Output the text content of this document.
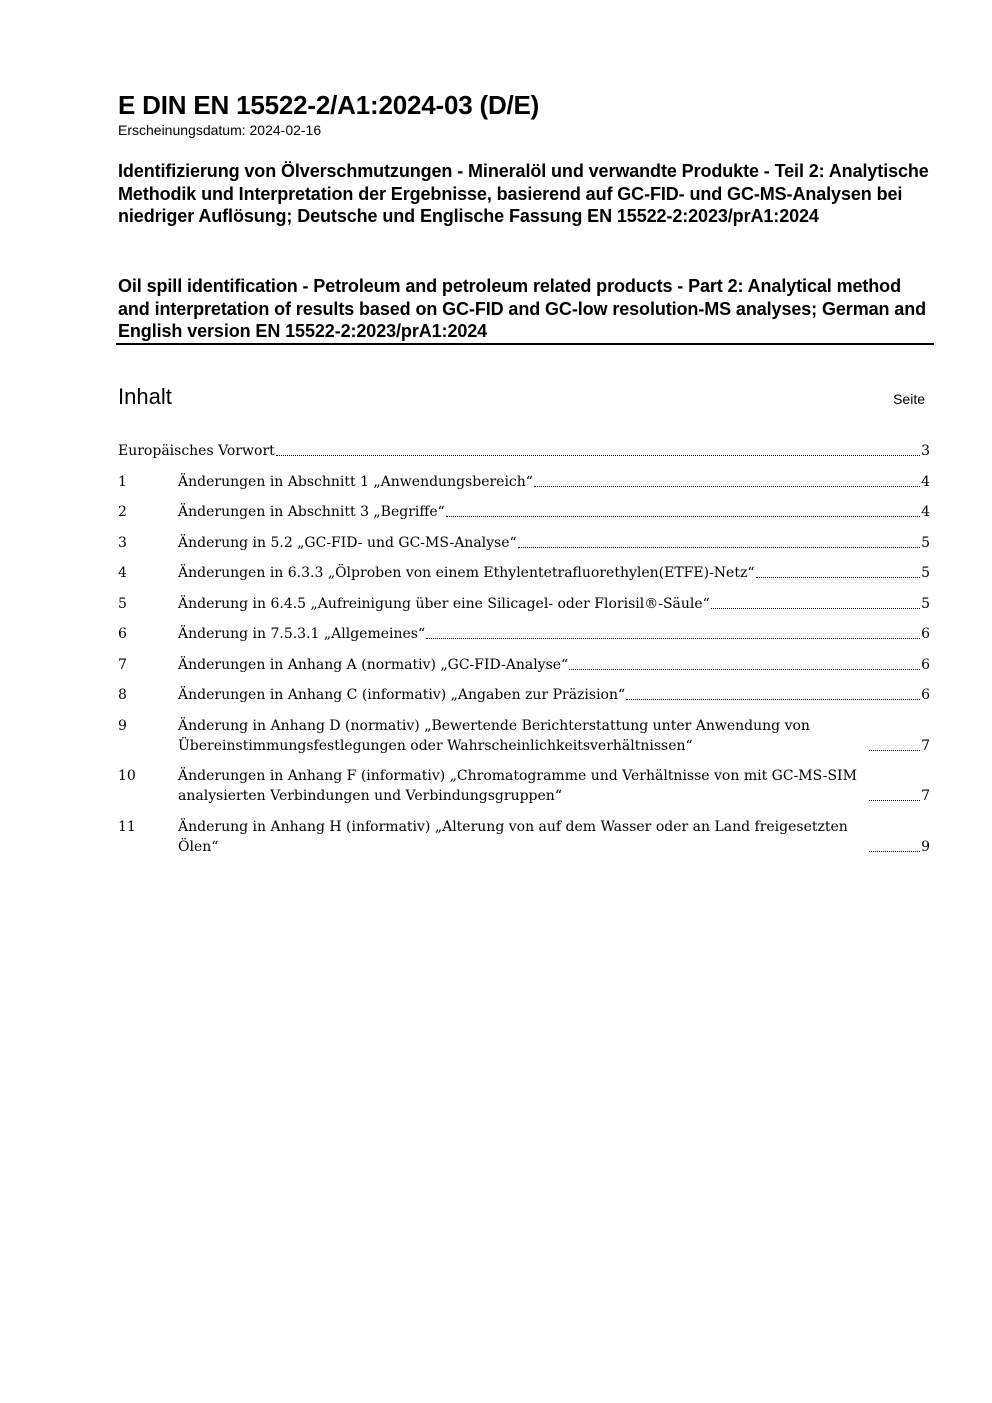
E DIN EN 15522-2/A1:2024-03 (D/E)
Erscheinungsdatum: 2024-02-16
Identifizierung von Ölverschmutzungen - Mineralöl und verwandte Produkte - Teil 2: Analytische Methodik und Interpretation der Ergebnisse, basierend auf GC-FID- und GC-MS-Analysen bei niedriger Auflösung; Deutsche und Englische Fassung EN 15522-2:2023/prA1:2024
Oil spill identification - Petroleum and petroleum related products - Part 2: Analytical method and interpretation of results based on GC-FID and GC-low resolution-MS analyses; German and English version EN 15522-2:2023/prA1:2024
Inhalt	Seite
Europäisches Vorwort	3
1	Änderungen in Abschnitt 1 „Anwendungsbereich“	4
2	Änderungen in Abschnitt 3 „Begriffe“	4
3	Änderung in 5.2 „GC-FID- und GC-MS-Analyse“	5
4	Änderungen in 6.3.3 „Ölproben von einem Ethylentetrafluorethylen(ETFE)-Netz“	5
5	Änderung in 6.4.5 „Aufreinigung über eine Silicagel- oder Florisil®-Säule“	5
6	Änderung in 7.5.3.1 „Allgemeines“	6
7	Änderungen in Anhang A (normativ) „GC-FID-Analyse“	6
8	Änderungen in Anhang C (informativ) „Angaben zur Präzision“	6
9	Änderung in Anhang D (normativ) „Bewertende Berichterstattung unter Anwendung von Übereinstimmungsfestlegungen oder Wahrscheinlichkeitsverhältnissen“	7
10	Änderungen in Anhang F (informativ) „Chromatogramme und Verhältnisse von mit GC-MS-SIM analysierten Verbindungen und Verbindungsgruppen“	7
11	Änderung in Anhang H (informativ) „Alterung von auf dem Wasser oder an Land freigesetzten Ölen“	9
